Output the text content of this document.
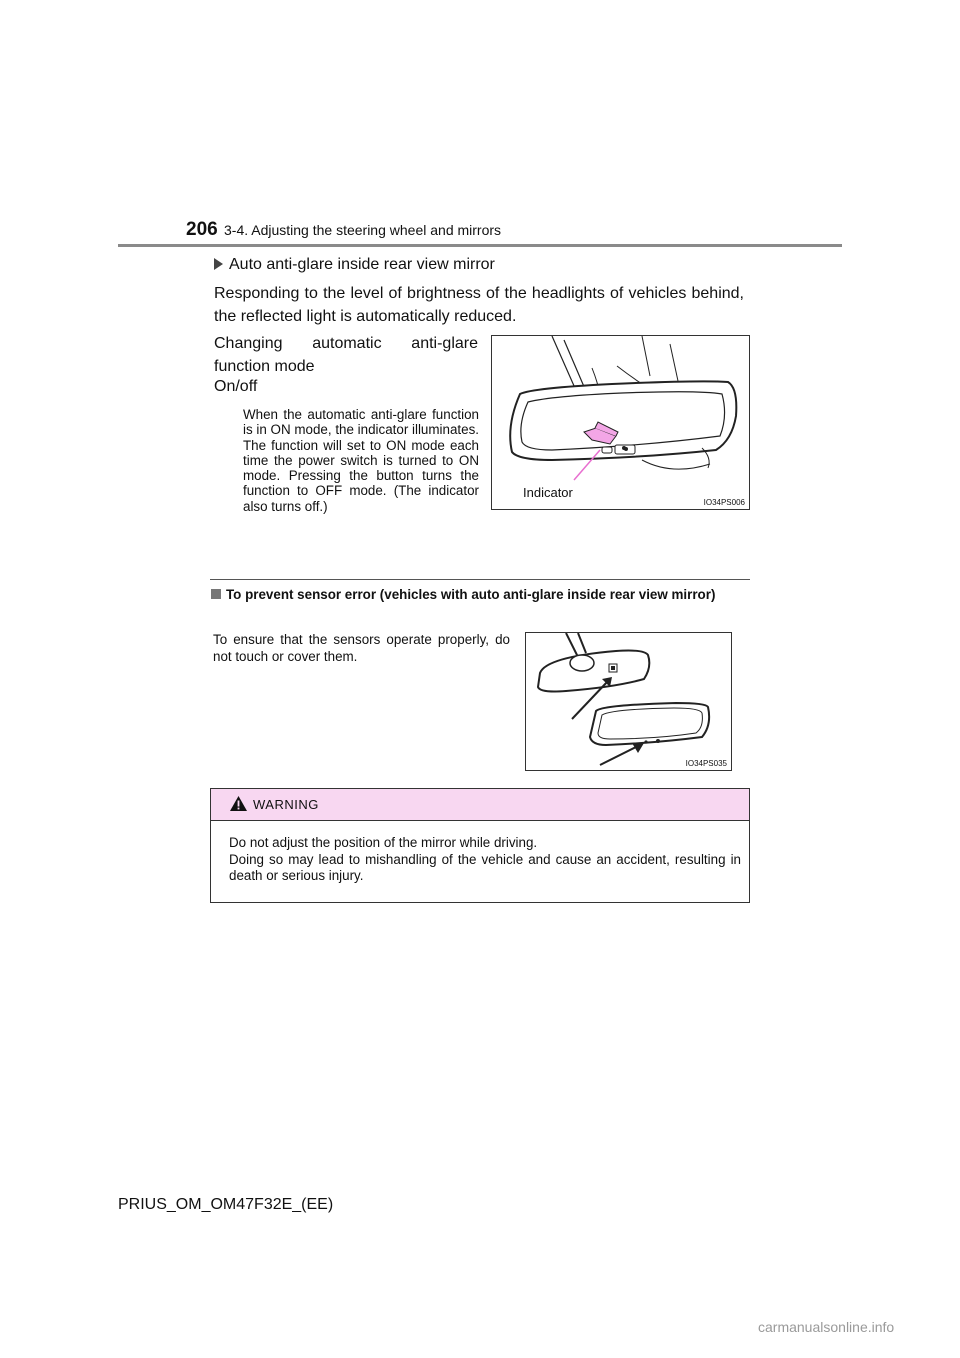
206 3-4. Adjusting the steering wheel and mirrors
Auto anti-glare inside rear view mirror
Responding to the level of brightness of the headlights of vehicles behind, the reflected light is automatically reduced.
Changing automatic anti-glare function mode
On/off
When the automatic anti-glare function is in ON mode, the indicator illuminates. The function will set to ON mode each time the power switch is turned to ON mode. Pressing the button turns the function to OFF mode. (The indicator also turns off.)
Indicator
IO34PS006
To prevent sensor error (vehicles with auto anti-glare inside rear view mirror)
To ensure that the sensors operate properly, do not touch or cover them.
IO34PS035
WARNING
Do not adjust the position of the mirror while driving.
Doing so may lead to mishandling of the vehicle and cause an accident, resulting in death or serious injury.
PRIUS_OM_OM47F32E_(EE)
carmanualsonline.info
